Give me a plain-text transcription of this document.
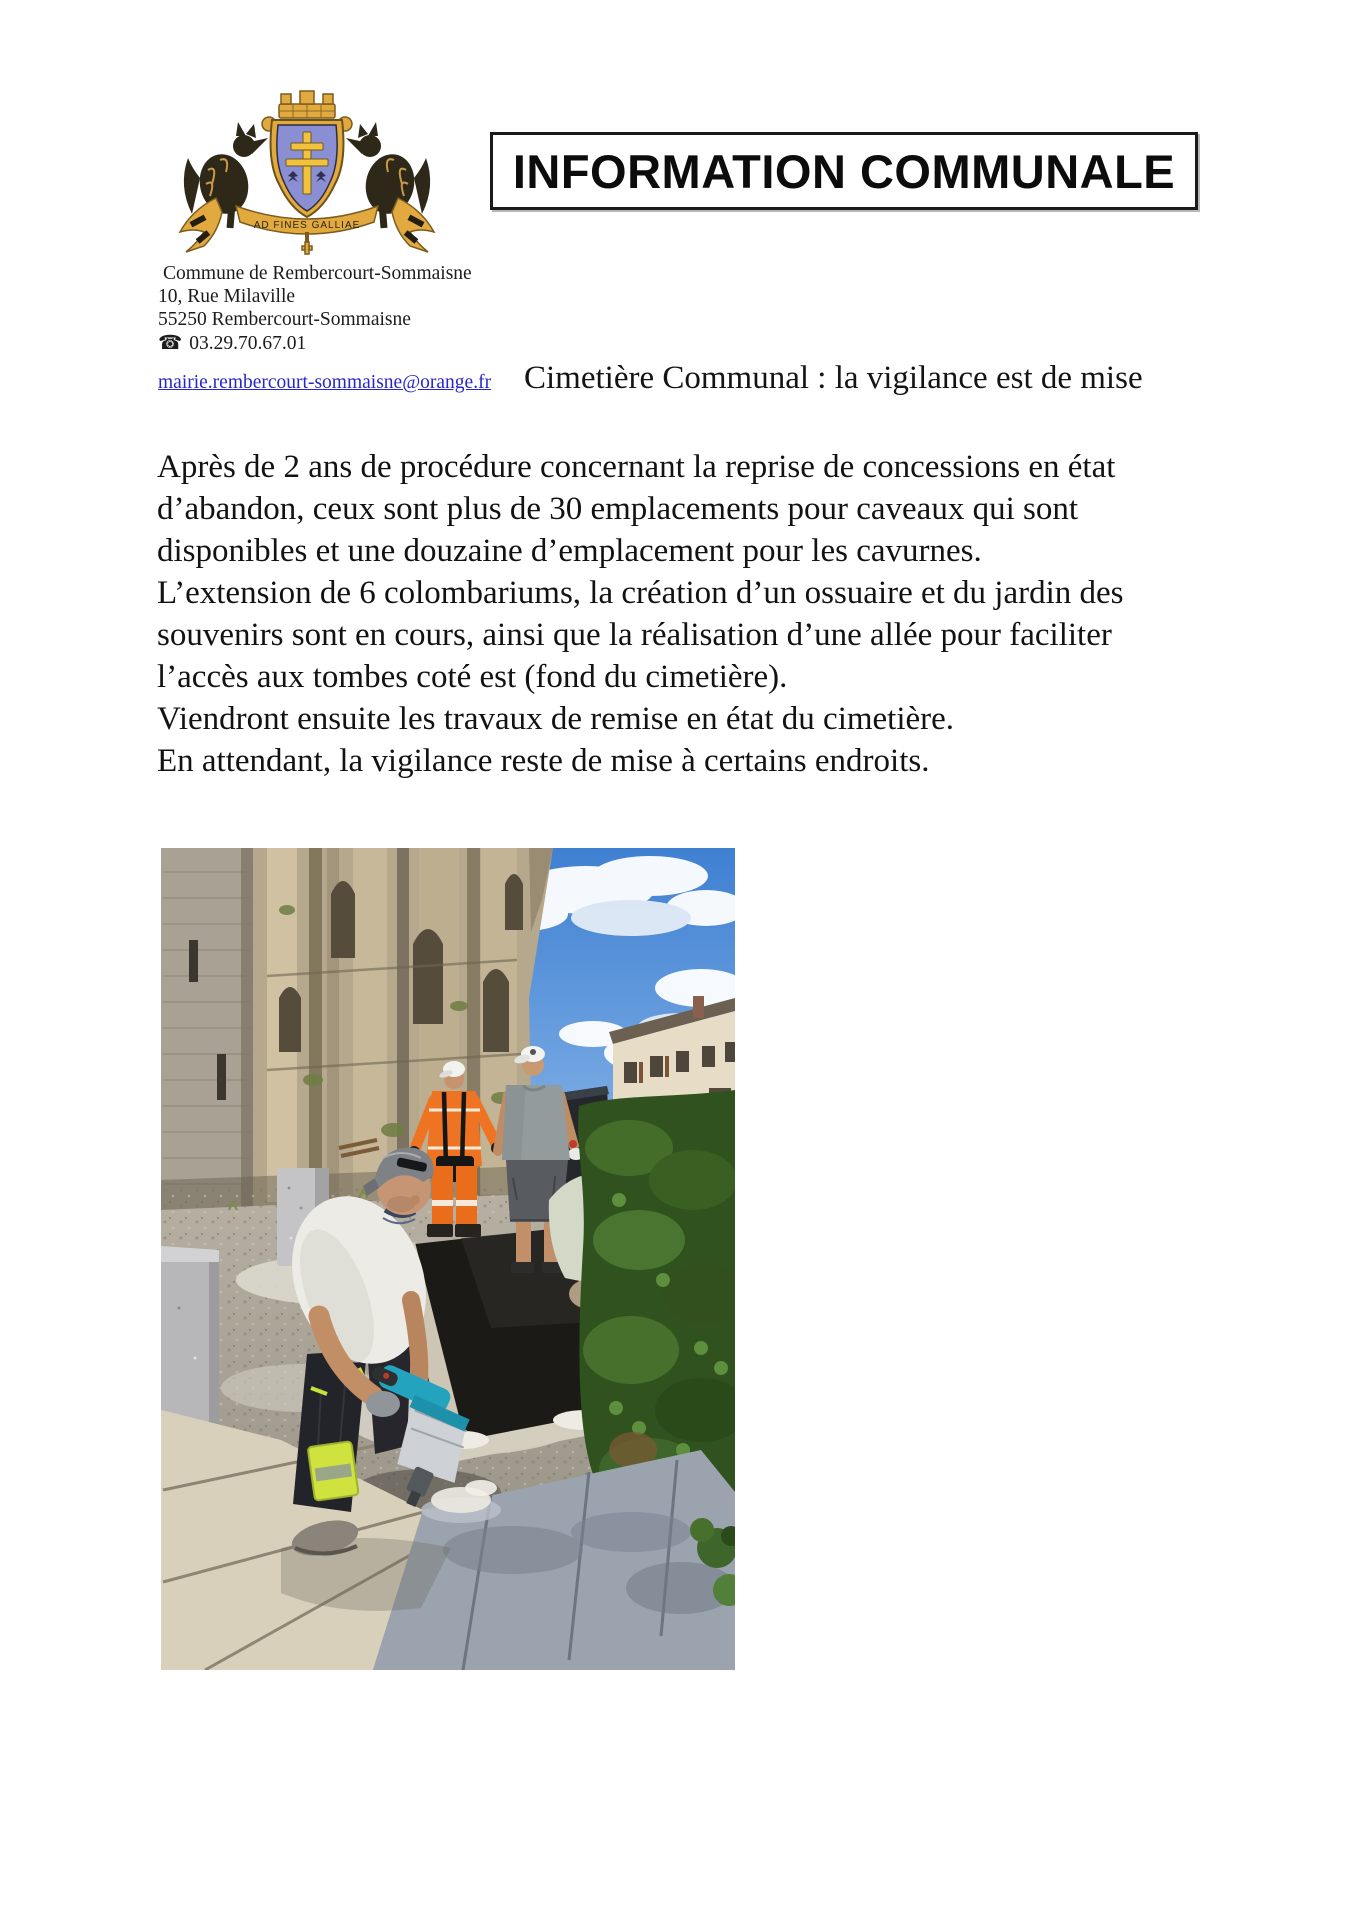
AD FINES GALLIAE
INFORMATION COMMUNALE
Commune de Rembercourt-Sommaisne
10, Rue Milaville
55250 Rembercourt-Sommaisne
☎ 03.29.70.67.01
mairie.rembercourt-sommaisne@orange.fr Cimetière Communal : la vigilance est de mise
Après de 2 ans de procédure concernant la reprise de concessions en état
d’abandon, ceux sont plus de 30 emplacements pour caveaux qui sont
disponibles et une douzaine d’emplacement pour les cavurnes.
L’extension de 6 colombariums, la création d’un ossuaire et du jardin des
souvenirs sont en cours, ainsi que la réalisation d’une allée pour faciliter
l’accès aux tombes coté est (fond du cimetière).
Viendront ensuite les travaux de remise en état du cimetière.
En attendant, la vigilance reste de mise à certains endroits.
